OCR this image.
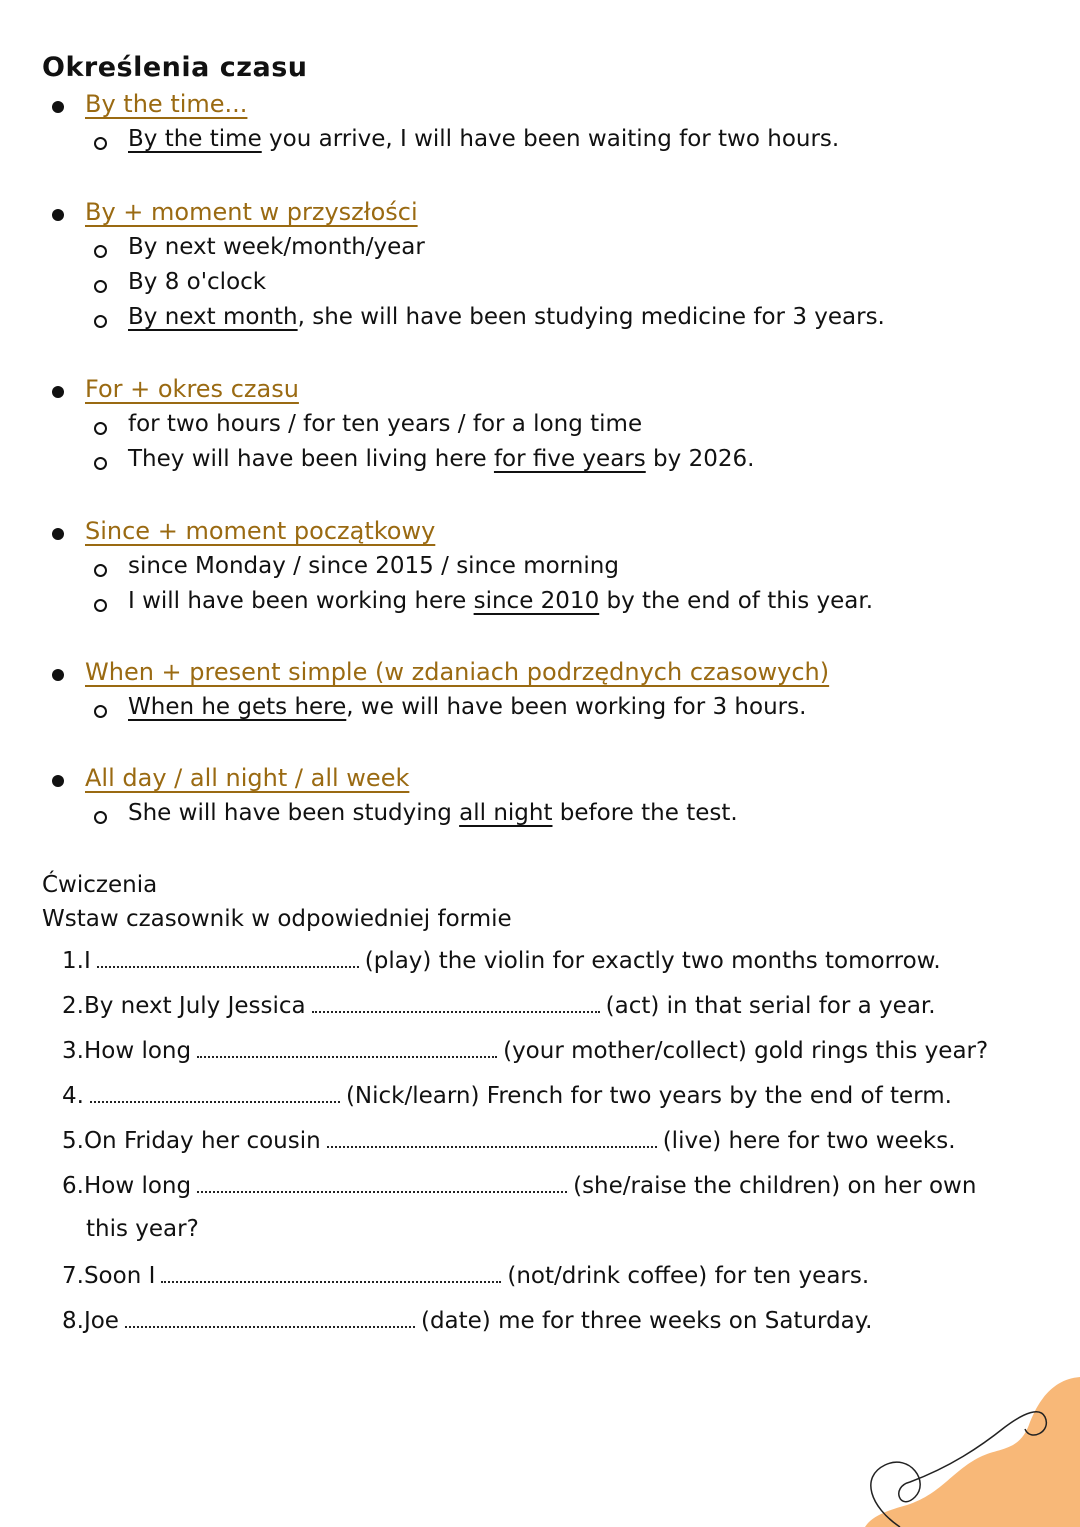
Określenia czasu
By the time...
By the time you arrive, I will have been waiting for two hours.
By + moment w przyszłości
By next week/month/year
By 8 o'clock
By next month, she will have been studying medicine for 3 years.
For + okres czasu
for two hours / for ten years / for a long time
They will have been living here for five years by 2026.
Since + moment początkowy
since Monday / since 2015 / since morning
I will have been working here since 2010 by the end of this year.
When + present simple (w zdaniach podrzędnych czasowych)
When he gets here, we will have been working for 3 hours.
All day / all night / all week
She will have been studying all night before the test.
Ćwiczenia
Wstaw czasownik w odpowiedniej formie
1.I	(play) the violin for exactly two months tomorrow.
2.By next July Jessica	(act) in that serial for a year.
3.How long	(your mother/collect) gold rings this year?
4.	(Nick/learn) French for two years by the end of term.
5.On Friday her cousin	(live) here for two weeks.
6.How long	(she/raise the children) on her own
this year?
7.Soon I	(not/drink coffee) for ten years.
8.Joe	(date) me for three weeks on Saturday.
